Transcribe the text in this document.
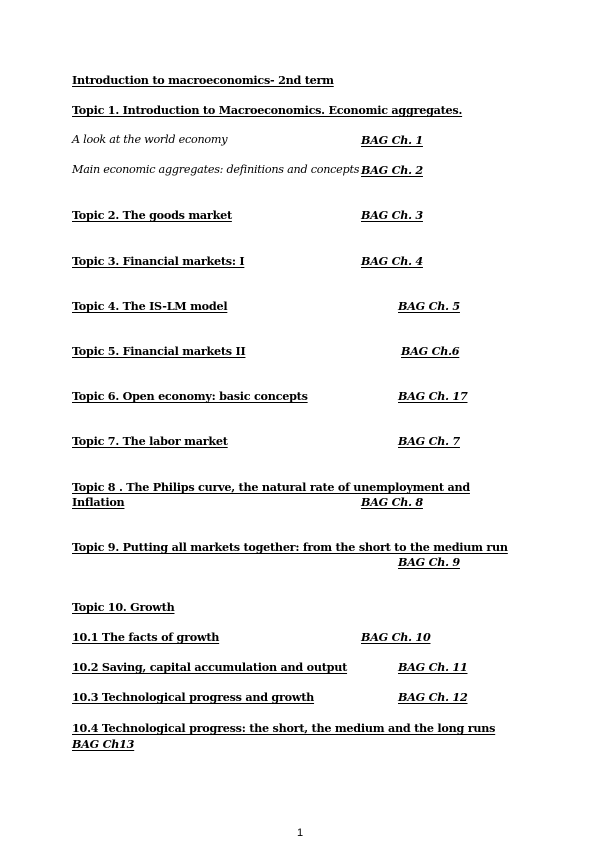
Introduction to macroeconomics- 2nd term
Topic 1. Introduction to Macroeconomics. Economic aggregates.
A look at the world economy	BAG Ch. 1
Main economic aggregates: definitions and concepts BAG Ch. 2
Topic 2. The goods market	BAG Ch. 3
Topic 3. Financial markets: I	BAG Ch. 4
Topic 4. The IS-LM model	BAG Ch. 5
Topic 5. Financial markets II	BAG Ch.6
Topic 6. Open economy: basic concepts	BAG Ch. 17
Topic 7. The labor market	BAG Ch. 7
Topic 8 . The Philips curve, the natural rate of unemployment and
Inflation	BAG Ch. 8
Topic 9. Putting all markets together: from the short to the medium run
BAG Ch. 9
Topic 10. Growth
10.1 The facts of growth	BAG Ch. 10
10.2 Saving, capital accumulation and output	BAG Ch. 11
10.3 Technological progress and growth	BAG Ch. 12
10.4 Technological progress: the short, the medium and the long runs
BAG Ch13
1
